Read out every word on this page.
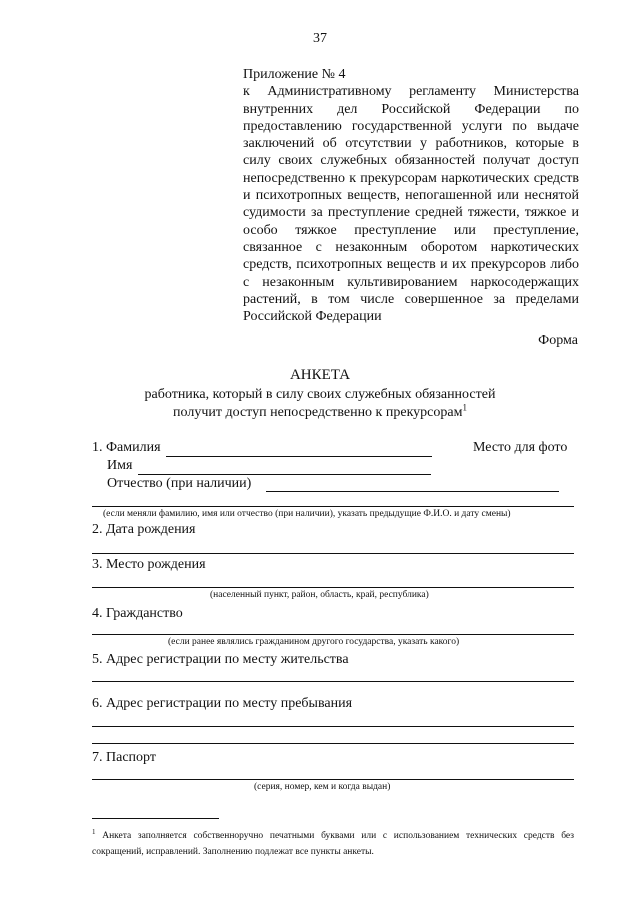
37
Приложение № 4
к Административному регламенту Министерства внутренних дел Российской Федерации по предоставлению государственной услуги по выдаче заключений об отсутствии у работников, которые в силу своих служебных обязанностей получат доступ непосредственно к прекурсорам наркотических средств и психотропных веществ, непогашенной или неснятой судимости за преступление средней тяжести, тяжкое и особо тяжкое преступление или преступление, связанное с незаконным оборотом наркотических средств, психотропных веществ и их прекурсоров либо с незаконным культивированием наркосодержащих растений, в том числе совершенное за пределами Российской Федерации
Форма
АНКЕТА
работника, который в силу своих служебных обязанностей
получит доступ непосредственно к прекурсорам$^1$
1. Фамилия	Место для фото
Имя
Отчество (при наличии)
(если меняли фамилию, имя или отчество (при наличии), указать предыдущие Ф.И.О. и дату смены)
2. Дата рождения
3. Место рождения
(населенный пункт, район, область, край, республика)
4. Гражданство
(если ранее являлись гражданином другого государства, указать какого)
5. Адрес регистрации по месту жительства
6. Адрес регистрации по месту пребывания
7. Паспорт
(серия, номер, кем и когда выдан)
$^1$ Анкета заполняется собственноручно печатными буквами или с использованием технических средств без сокращений, исправлений. Заполнению подлежат все пункты анкеты.
